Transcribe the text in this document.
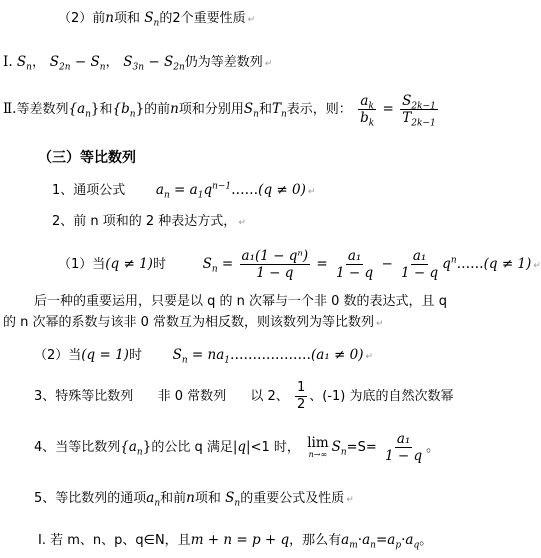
（2）前n项和 $S_n$的2个重要性质 ↵
Ⅰ. $S_n$， $S_{2n} - S_n$， $S_{3n} - S_{2n}$仍为等差数列 ↵
Ⅱ.等差数列$\{a_n\}$和$\{b_n\}$的前n项和分别用$S_n$和$T_n$表示，则： $\frac{a_k}{b_k} = \frac{S_{2k-1}}{T_{2k-1}}$
（三）等比数列
1、通项公式 $a_n$ = $a_1q^{n-1}\dots\dots(q \ne 0)$ ↵
2、前 n 项和的 2 种表达方式， ↵
（1）当(q ≠ 1)时	$S_n = \frac{\text{a₁(1 − qⁿ)}}{1 - q} = \frac{\text{a₁}}{1 - q} - \frac{\text{a₁}}{1 - q}$ $q^n\dots\dots(q \ne 1)$ ↵
后一种的重要运用，只要是以 q 的 n 次幂与一个非 0 数的表达式，且 q
的 n 次幂的系数与该非 0 常数互为相反数，则该数列为等比数列 ↵
（2）当(q = 1)时 $S_n$ = $na_1\dots\dots\dots\dots\dots\dots(a_1 \ne 0)$ ↵
3、特殊等比数列 非 0 常数列 以 2、 $\frac{1}{2}$ 、(-1) 为底的自然次数幂
4、当等比数列$\{a_n\}$的公比 q 满足|q|<1 时， lim
n→∞ $S_n=S= \frac{\text{a₁}}{1 - q}$ 。
5、等比数列的通项$a_n$和前n项和 $S_n$的重要公式及性质 ↵
Ⅰ. 若 m、n、p、q∈N，且m + n = p + q，那么有$a_m\cdot a_n=a_p\cdot a_q$。
